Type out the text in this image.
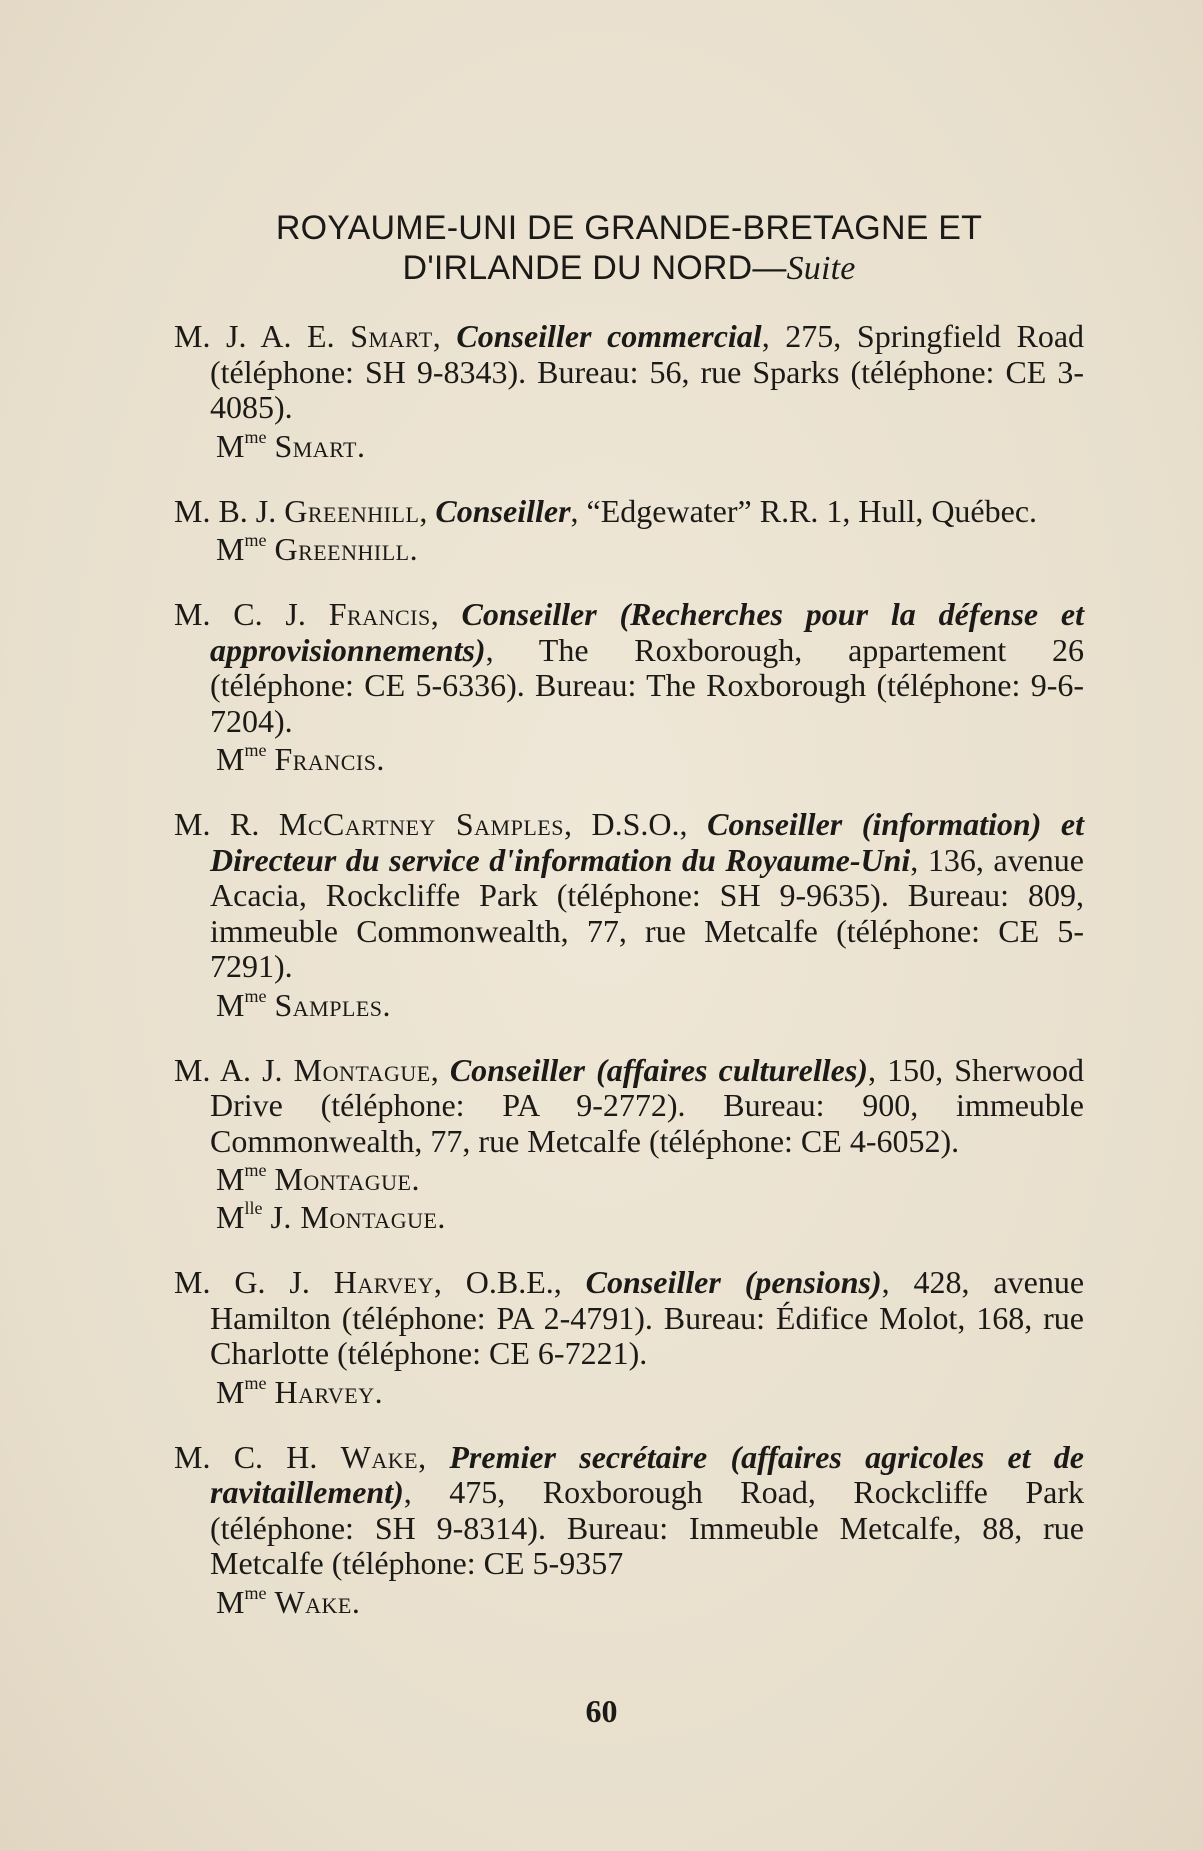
ROYAUME-UNI DE GRANDE-BRETAGNE ET
D'IRLANDE DU NORD—Suite

M. J. A. E. Smart, Conseiller commercial, 275, Springfield Road (téléphone: SH 9-8343). Bureau: 56, rue Sparks (téléphone: CE 3-4085).

$M^{me}$ Smart.

M. B. J. Greenhill, Conseiller, “Edgewater” R.R. 1, Hull, Québec.

$M^{me}$ Greenhill.

M. C. J. Francis, Conseiller (Recherches pour la défense et approvisionnements), The Roxborough, appartement 26 (téléphone: CE 5-6336). Bureau: The Roxborough (téléphone: 9-6-7204).

$M^{me}$ Francis.

M. R. McCartney Samples, D.S.O., Conseiller (information) et Directeur du service d'information du Royaume-Uni, 136, avenue Acacia, Rockcliffe Park (téléphone: SH 9-9635). Bureau: 809, immeuble Commonwealth, 77, rue Metcalfe (téléphone: CE 5-7291).

$M^{me}$ Samples.

M. A. J. Montague, Conseiller (affaires culturelles), 150, Sherwood Drive (téléphone: PA 9-2772). Bureau: 900, immeuble Commonwealth, 77, rue Metcalfe (téléphone: CE 4-6052).

$M^{me}$ Montague.
$M^{lle}$ J. Montague.

M. G. J. Harvey, O.B.E., Conseiller (pensions), 428, avenue Hamilton (téléphone: PA 2-4791). Bureau: Édifice Molot, 168, rue Charlotte (téléphone: CE 6-7221).

$M^{me}$ Harvey.

M. C. H. Wake, Premier secrétaire (affaires agricoles et de ravitaillement), 475, Roxborough Road, Rockcliffe Park (téléphone: SH 9-8314). Bureau: Immeuble Metcalfe, 88, rue Metcalfe (téléphone: CE 5-9357

$M^{me}$ Wake.
60
